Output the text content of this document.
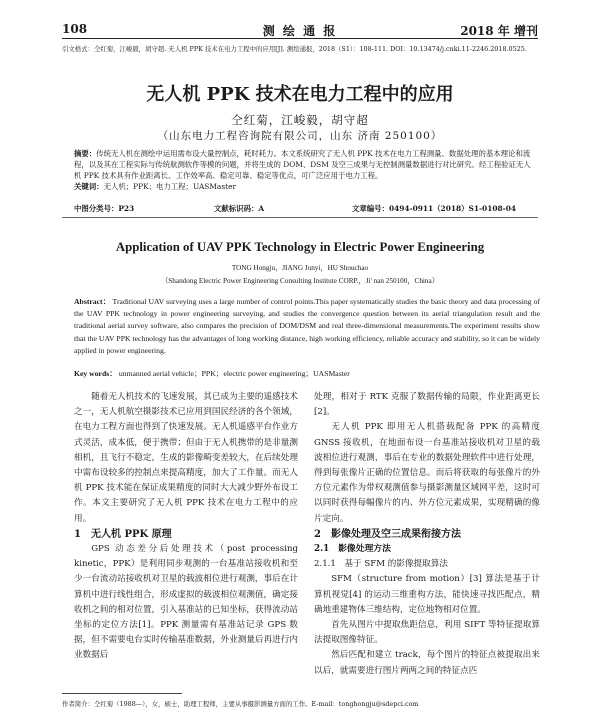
108	测 绘 通 报	2018 年 增刊
引文格式：仝红菊，江峻毅，胡守超. 无人机 PPK 技术在电力工程中的应用[J]. 测绘通报，2018（S1）：108-111. DOI：10.13474/j.cnki.11-2246.2018.0525.
无人机 PPK 技术在电力工程中的应用
仝红菊，江峻毅，胡守超
（山东电力工程咨询院有限公司，山东 济南 250100）
摘要：传统无人机在测绘中运用需布设大量控制点，耗时耗力。本文系统研究了无人机 PPK 技术在电力工程测量、数据处理的基本理论和流程，以及其在工程实际与传统航测软件等模的问题，并将生成的 DOM、DSM 及空三成果与无控制测量数据进行对比研究。经工程验证无人机 PPK 技术具有作业距离长、工作效率高、稳定可靠、稳定等优点，可广泛应用于电力工程。
关键词：无人机；PPK；电力工程；UASMaster
中图分类号：P23	文献标识码：A	文章编号：0494-0911（2018）S1-0108-04
Application of UAV PPK Technology in Electric Power Engineering
TONG Hongju，JIANG Junyi，HU Shouchao
（Shandong Electric Power Engineering Consulting Institute CORP.，Ji' nan 250100，China）
Abstract： Traditional UAV surveying uses a large number of control points.This paper systematically studies the basic theory and data processing of the UAV PPK technology in power engineering surveying, and studies the convergence question between its aerial triangulation result and the traditional aerial survey software, also compares the precision of DOM/DSM and real three-dimensional measurements.The experiment results show that the UAV PPK technology has the advantages of long working distance, high working efficiency, reliable accuracy and stability, so it can be widely applied in power engineering.
Key words： unmanned aerial vehicle；PPK；electric power engineering；UASMaster

随着无人机技术的飞速发展，其已成为主要的遥感技术之一，无人机航空摄影技术已应用到国民经济的各个领域，在电力工程方面也得到了快速发展。无人机遥感平台作业方式灵活，成本低，便于携带；但由于无人机携带的是非量测相机，且飞行不稳定，生成的影像畸变差较大，在后续处理中需布设较多的控制点来提高精度，加大了工作量。而无人机 PPK 技术能在保证成果精度的同时大大减少野外布设工作。本文主要研究了无人机 PPK 技术在电力工程中的应用。

1　无人机 PPK 原理

GPS 动态差分后处理技术（post processing kinetic，PPK）是利用同步观测的一台基准站接收机和至少一台流动站接收机对卫星的载波相位进行观测，事后在计算机中进行线性组合，形成虚拟的载波相位观测值，确定接收机之间的相对位置，引入基准站的已知坐标，获得流动站坐标的定位方法[1]。PPK 测量需有基准站记录 GPS 数据，但不需要电台实时传输基准数据，外业测量后再进行内业数据后

处理，相对于 RTK 克服了数据传输的局限，作业距离更长[2]。

无人机 PPK 即用无人机搭载配备 PPK 的高精度 GNSS 接收机，在地面布设一台基准站接收机对卫星的载波相位进行观测，事后在专业的数据处理软件中进行处理，得到每张像片正确的位置信息。而后将获取的每张像片的外方位元素作为带权观测值参与摄影测量区域网平差，这时可以同时获得每幅像片的内、外方位元素成果，实现精确的像片定向。

2　影像处理及空三成果衔接方法

2.1　影像处理方法

2.1.1　基于 SFM 的影像提取算法

SFM（structure from motion）[3] 算法是基于计算机视觉[4] 的运动三维重构方法，能快速寻找匹配点，精确地重建物体三维结构，定位地物相对位置。

首先从图片中提取焦距信息，利用 SIFT 等特征提取算法提取图像特征。

然后匹配和建立 track，每个图片的特征点被提取出来以后，就需要进行图片两两之间的特征点匹

作者简介：仝红菊（1988—），女，硕士，助理工程师，主要从事摄影测量方面的工作。E-mail：tonghongju@sdepci.com
